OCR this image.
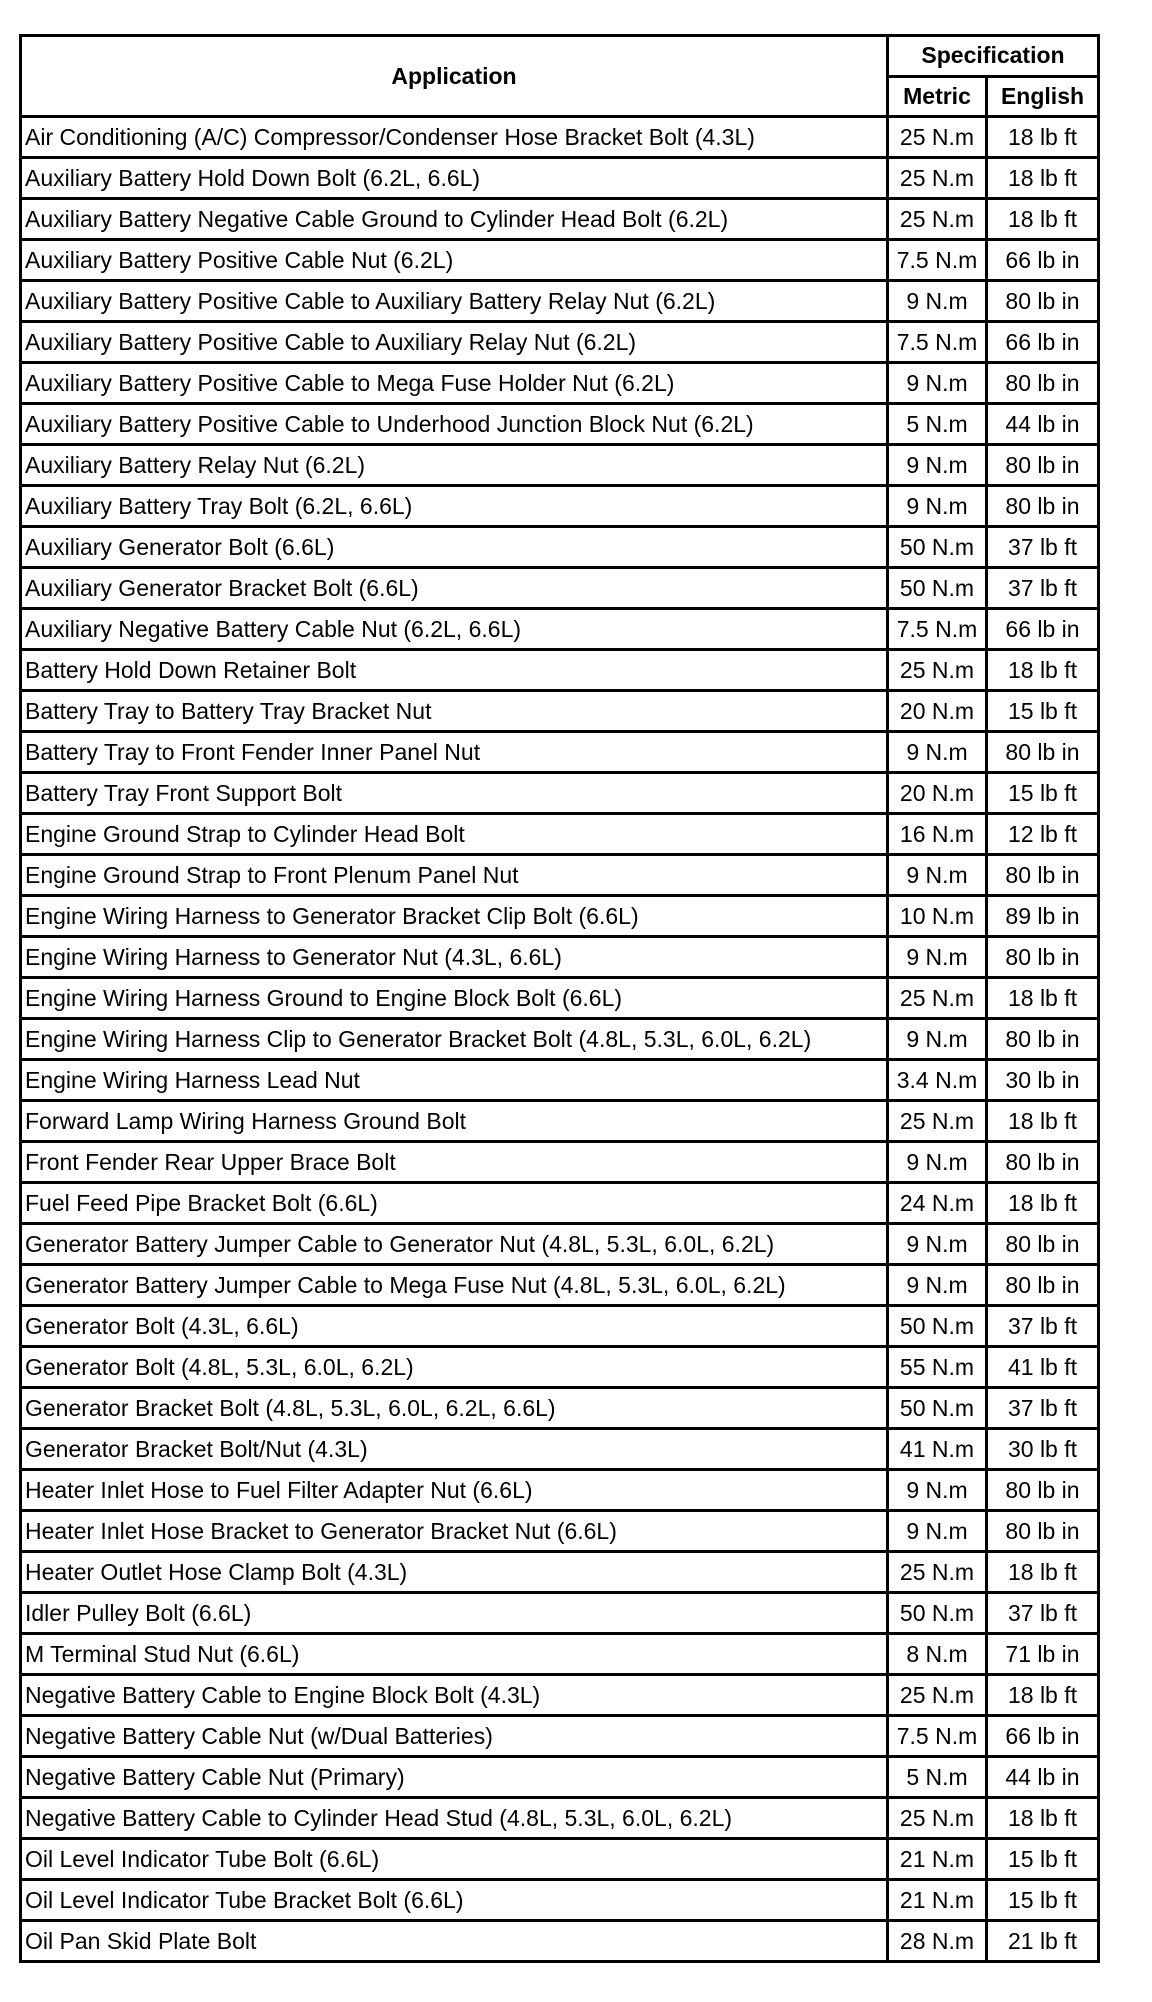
Application	Specification	
	Metric	English
Air Conditioning (A/C) Compressor/Condenser Hose Bracket Bolt (4.3L)	25 N.m	18 lb ft
Auxiliary Battery Hold Down Bolt (6.2L, 6.6L)	25 N.m	18 lb ft
Auxiliary Battery Negative Cable Ground to Cylinder Head Bolt (6.2L)	25 N.m	18 lb ft
Auxiliary Battery Positive Cable Nut (6.2L)	7.5 N.m	66 lb in
Auxiliary Battery Positive Cable to Auxiliary Battery Relay Nut (6.2L)	9 N.m	80 lb in
Auxiliary Battery Positive Cable to Auxiliary Relay Nut (6.2L)	7.5 N.m	66 lb in
Auxiliary Battery Positive Cable to Mega Fuse Holder Nut (6.2L)	9 N.m	80 lb in
Auxiliary Battery Positive Cable to Underhood Junction Block Nut (6.2L)	5 N.m	44 lb in
Auxiliary Battery Relay Nut (6.2L)	9 N.m	80 lb in
Auxiliary Battery Tray Bolt (6.2L, 6.6L)	9 N.m	80 lb in
Auxiliary Generator Bolt (6.6L)	50 N.m	37 lb ft
Auxiliary Generator Bracket Bolt (6.6L)	50 N.m	37 lb ft
Auxiliary Negative Battery Cable Nut (6.2L, 6.6L)	7.5 N.m	66 lb in
Battery Hold Down Retainer Bolt	25 N.m	18 lb ft
Battery Tray to Battery Tray Bracket Nut	20 N.m	15 lb ft
Battery Tray to Front Fender Inner Panel Nut	9 N.m	80 lb in
Battery Tray Front Support Bolt	20 N.m	15 lb ft
Engine Ground Strap to Cylinder Head Bolt	16 N.m	12 lb ft
Engine Ground Strap to Front Plenum Panel Nut	9 N.m	80 lb in
Engine Wiring Harness to Generator Bracket Clip Bolt (6.6L)	10 N.m	89 lb in
Engine Wiring Harness to Generator Nut (4.3L, 6.6L)	9 N.m	80 lb in
Engine Wiring Harness Ground to Engine Block Bolt (6.6L)	25 N.m	18 lb ft
Engine Wiring Harness Clip to Generator Bracket Bolt (4.8L, 5.3L, 6.0L, 6.2L)	9 N.m	80 lb in
Engine Wiring Harness Lead Nut	3.4 N.m	30 lb in
Forward Lamp Wiring Harness Ground Bolt	25 N.m	18 lb ft
Front Fender Rear Upper Brace Bolt	9 N.m	80 lb in
Fuel Feed Pipe Bracket Bolt (6.6L)	24 N.m	18 lb ft
Generator Battery Jumper Cable to Generator Nut (4.8L, 5.3L, 6.0L, 6.2L)	9 N.m	80 lb in
Generator Battery Jumper Cable to Mega Fuse Nut (4.8L, 5.3L, 6.0L, 6.2L)	9 N.m	80 lb in
Generator Bolt (4.3L, 6.6L)	50 N.m	37 lb ft
Generator Bolt (4.8L, 5.3L, 6.0L, 6.2L)	55 N.m	41 lb ft
Generator Bracket Bolt (4.8L, 5.3L, 6.0L, 6.2L, 6.6L)	50 N.m	37 lb ft
Generator Bracket Bolt/Nut (4.3L)	41 N.m	30 lb ft
Heater Inlet Hose to Fuel Filter Adapter Nut (6.6L)	9 N.m	80 lb in
Heater Inlet Hose Bracket to Generator Bracket Nut (6.6L)	9 N.m	80 lb in
Heater Outlet Hose Clamp Bolt (4.3L)	25 N.m	18 lb ft
Idler Pulley Bolt (6.6L)	50 N.m	37 lb ft
M Terminal Stud Nut (6.6L)	8 N.m	71 lb in
Negative Battery Cable to Engine Block Bolt (4.3L)	25 N.m	18 lb ft
Negative Battery Cable Nut (w/Dual Batteries)	7.5 N.m	66 lb in
Negative Battery Cable Nut (Primary)	5 N.m	44 lb in
Negative Battery Cable to Cylinder Head Stud (4.8L, 5.3L, 6.0L, 6.2L)	25 N.m	18 lb ft
Oil Level Indicator Tube Bolt (6.6L)	21 N.m	15 lb ft
Oil Level Indicator Tube Bracket Bolt (6.6L)	21 N.m	15 lb ft
Oil Pan Skid Plate Bolt	28 N.m	21 lb ft
